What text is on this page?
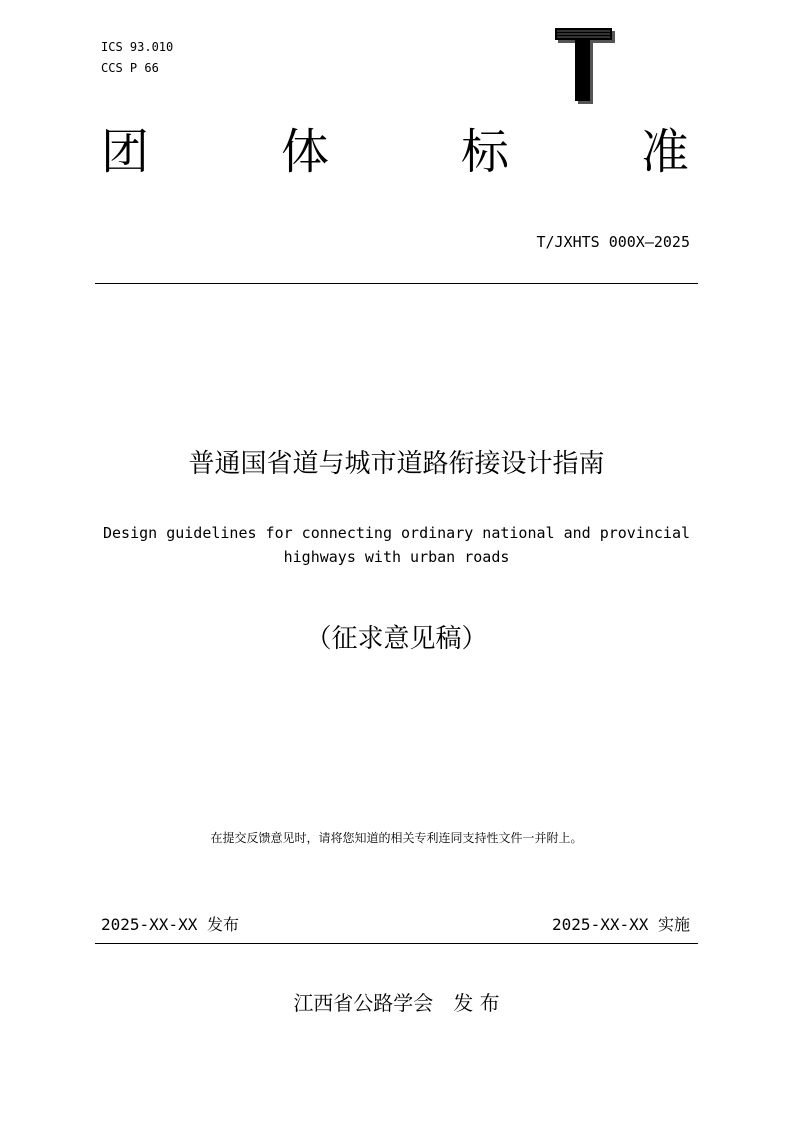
ICS 93.010
CCS P 66
团	体	标	准
T/JXHTS 000X—2025
普通国省道与城市道路衔接设计指南
Design guidelines for connecting ordinary national and provincial
highways with urban roads
（征求意见稿）
在提交反馈意见时，请将您知道的相关专利连同支持性文件一并附上。
2025-XX-XX 发布	2025-XX-XX 实施
江西省公路学会　发 布
